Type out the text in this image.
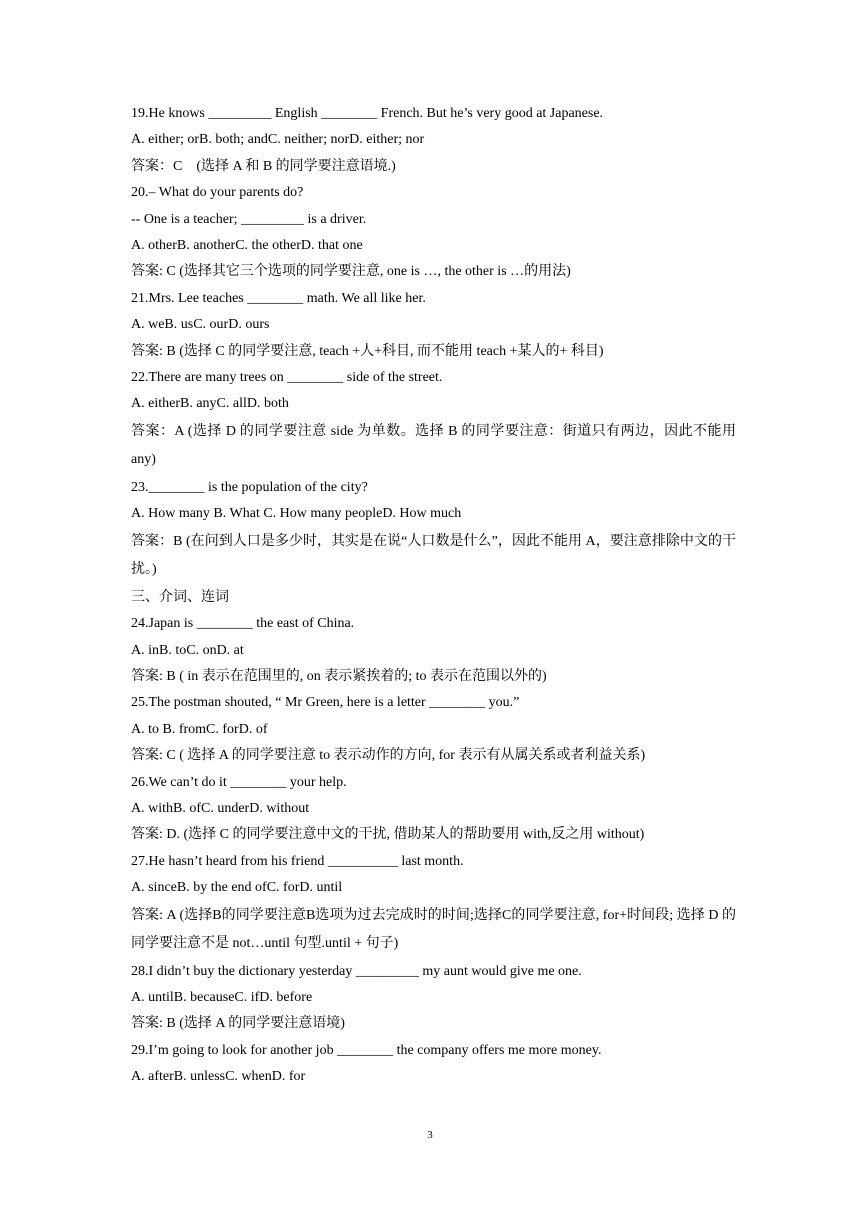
19.He knows _________ English ________ French. But he’s very good at Japanese.

A. either; orB. both; andC. neither; norD. either; nor

答案：C　(选择 A 和 B 的同学要注意语境.)

20.– What do your parents do?

-- One is a teacher; _________ is a driver.

A. otherB. anotherC. the otherD. that one

答案: C (选择其它三个选项的同学要注意, one is …, the other is …的用法)

21.Mrs. Lee teaches ________ math. We all like her.

A. weB. usC. ourD. ours

答案: B (选择 C 的同学要注意, teach +人+科目, 而不能用 teach +某人的+ 科目)

22.There are many trees on ________ side of the street.

A. eitherB. anyC. allD. both

答案：A (选择 D 的同学要注意 side 为单数。选择 B 的同学要注意：街道只有两边，因此不能用 any)

23.________ is the population of the city?

A. How many B. What C. How many peopleD. How much

答案：B (在问到人口是多少时，其实是在说“人口数是什么”，因此不能用 A，要注意排除中文的干扰。)

三、介词、连词

24.Japan is ________ the east of China.

A. inB. toC. onD. at

答案: B ( in 表示在范围里的, on 表示紧挨着的; to 表示在范围以外的)

25.The postman shouted, “ Mr Green, here is a letter ________ you.”

A. to B. fromC. forD. of

答案: C ( 选择 A 的同学要注意 to 表示动作的方向, for 表示有从属关系或者利益关系)

26.We can’t do it ________ your help.

A. withB. ofC. underD. without

答案: D. (选择 C 的同学要注意中文的干扰, 借助某人的帮助要用 with,反之用 without)

27.He hasn’t heard from his friend __________ last month.

A. sinceB. by the end ofC. forD. until

答案: A (选择B的同学要注意B选项为过去完成时的时间;选择C的同学要注意, for+时间段; 选择 D 的同学要注意不是 not…until 句型.until + 句子)

28.I didn’t buy the dictionary yesterday _________ my aunt would give me one.

A. untilB. becauseC. ifD. before

答案: B (选择 A 的同学要注意语境)

29.I’m going to look for another job ________ the company offers me more money.

A. afterB. unlessC. whenD. for

3
